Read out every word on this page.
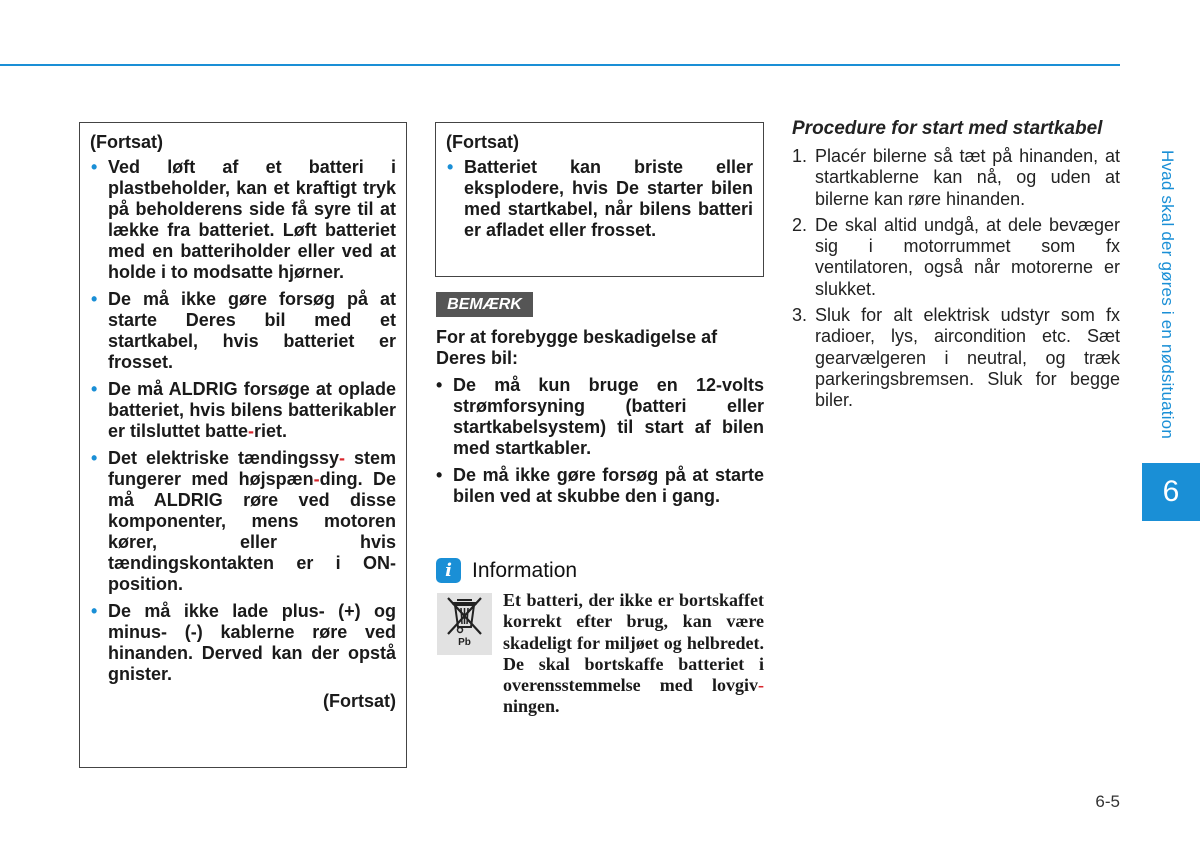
Hvad skal der gøres i en nødsituation
6
(Fortsat)
• Ved løft af et batteri i plastbeholder, kan et kraftigt tryk på beholderens side få syre til at lække fra batteriet. Løft batteriet med en batteriholder eller ved at holde i to modsatte hjørner.
• De må ikke gøre forsøg på at starte Deres bil med et startkabel, hvis batteriet er frosset.
• De må ALDRIG forsøge at oplade batteriet, hvis bilens batterikabler er tilsluttet batte-riet.
• Det elektriske tændingssy- stem fungerer med højspæn-ding. De må ALDRIG røre ved disse komponenter, mens motoren kører, eller hvis tændingskontakten er i ON-position.
• De må ikke lade plus- (+) og minus- (-) kablerne røre ved hinanden. Derved kan der opstå gnister.
(Fortsat)
(Fortsat)
• Batteriet kan briste eller eksplodere, hvis De starter bilen med startkabel, når bilens batteri er afladet eller frosset.
BEMÆRK

For at forebygge beskadigelse af Deres bil:

• De må kun bruge en 12-volts strømforsyning (batteri eller startkabelsystem) til start af bilen med startkabler.
• De må ikke gøre forsøg på at starte bilen ved at skubbe den i gang.
i Information
Pb
Et batteri, der ikke er bortskaffet korrekt efter brug, kan være skadeligt for miljøet og helbredet. De skal bortskaffe batteriet i overensstemmelse med lovgiv-ningen.
Procedure for start med startkabel
1. Placér bilerne så tæt på hinanden, at startkablerne kan nå, og uden at bilerne kan røre hinanden.
2. De skal altid undgå, at dele bevæger sig i motorrummet som fx ventilatoren, også når motorerne er slukket.
3. Sluk for alt elektrisk udstyr som fx radioer, lys, aircondition etc. Sæt gearvælgeren i neutral, og træk parkeringsbremsen. Sluk for begge biler.
6-5
